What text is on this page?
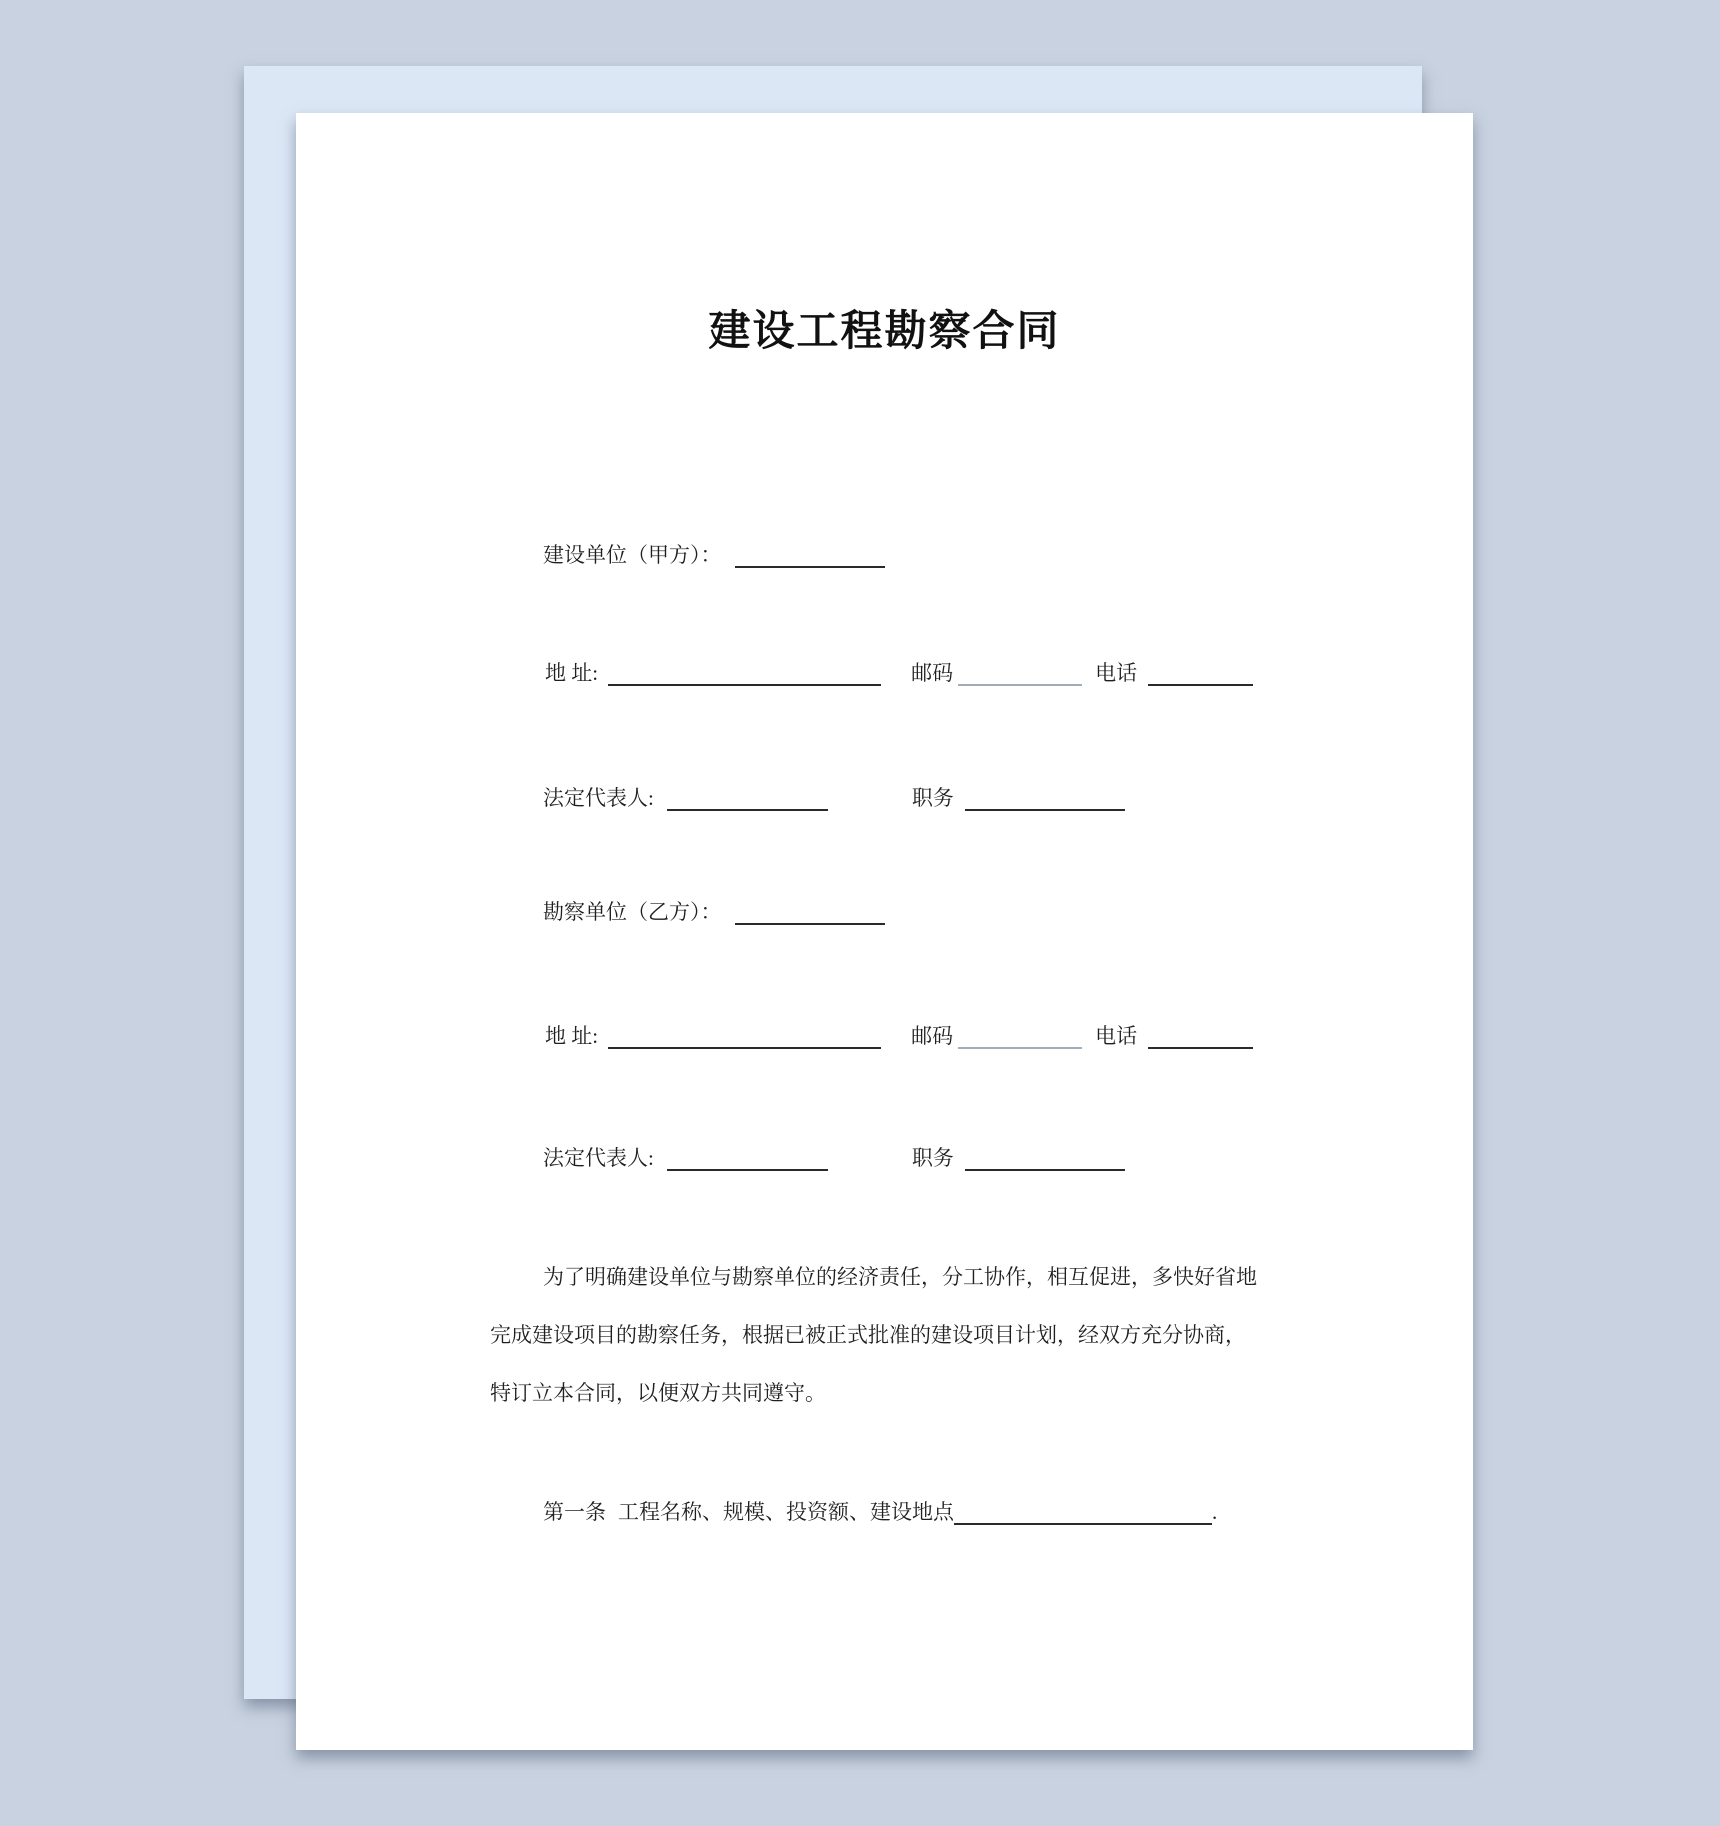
建设工程勘察合同
建设单位（甲方）：
地 址:	邮码	电话
法定代表人:	职务
勘察单位（乙方）：
地 址:	邮码	电话
法定代表人:	职务
为了明确建设单位与勘察单位的经济责任，分工协作，相互促进，多快好省地
完成建设项目的勘察任务，根据已被正式批准的建设项目计划，经双方充分协商，
特订立本合同，以便双方共同遵守。
第一条 工程名称、规模、投资额、建设地点	.
